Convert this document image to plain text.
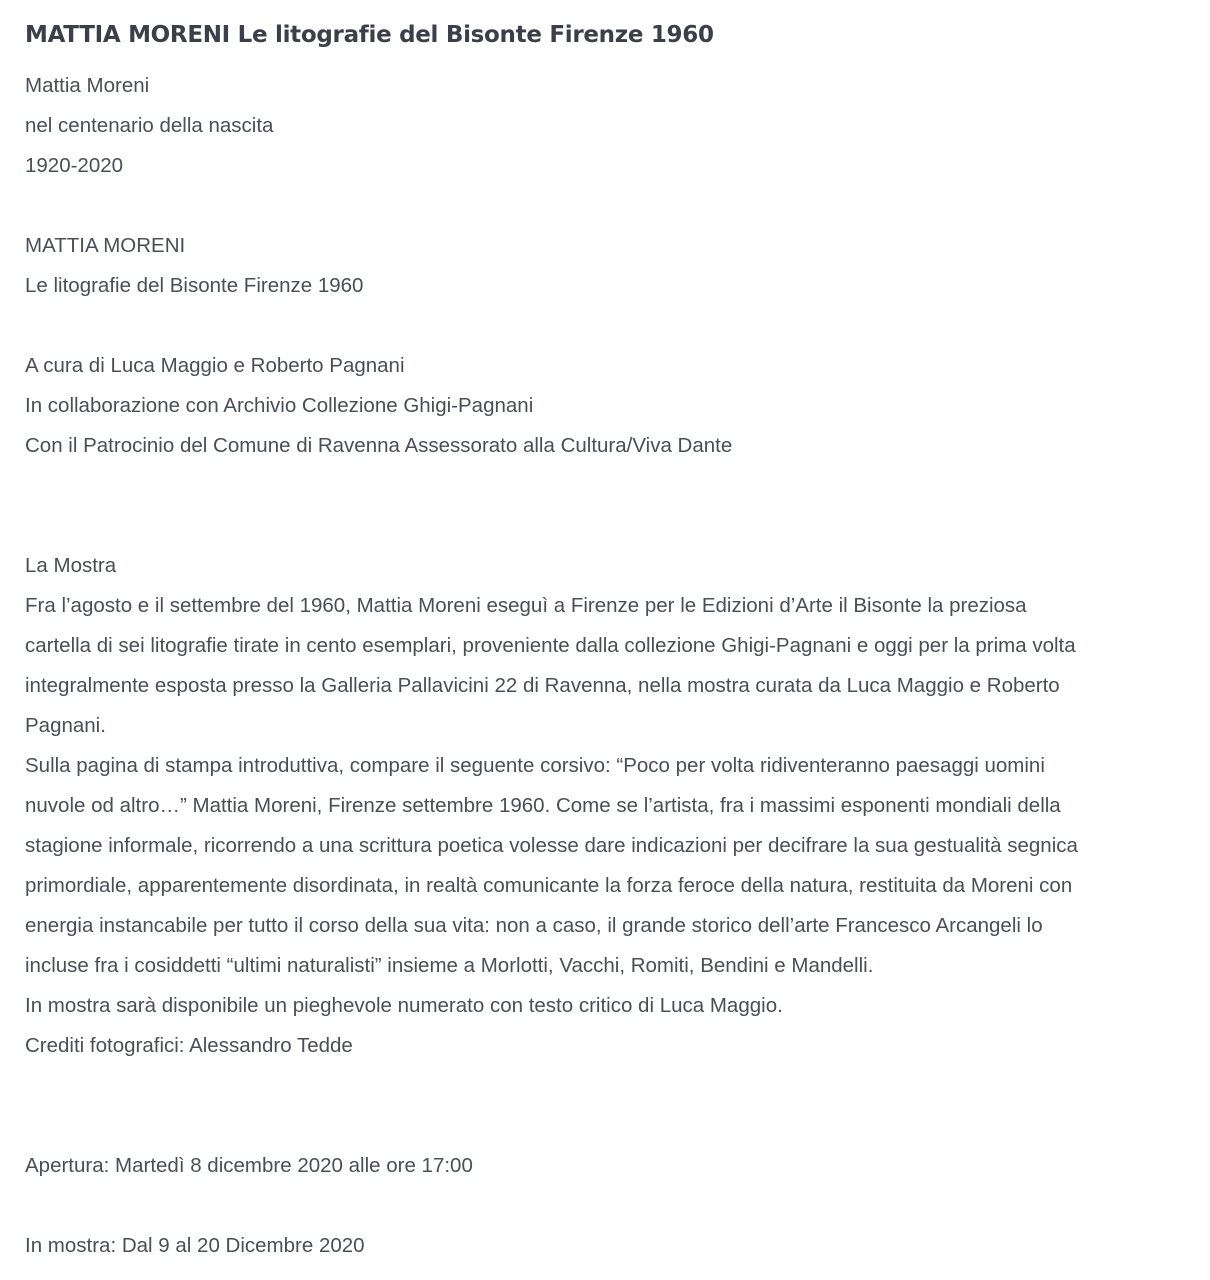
MATTIA MORENI Le litografie del Bisonte Firenze 1960
Mattia Moreni
nel centenario della nascita
1920-2020
MATTIA MORENI
Le litografie del Bisonte Firenze 1960
A cura di Luca Maggio e Roberto Pagnani
In collaborazione con Archivio Collezione Ghigi-Pagnani
Con il Patrocinio del Comune di Ravenna Assessorato alla Cultura/Viva Dante
La Mostra
Fra l’agosto e il settembre del 1960, Mattia Moreni eseguì a Firenze per le Edizioni d’Arte il Bisonte la preziosa
cartella di sei litografie tirate in cento esemplari, proveniente dalla collezione Ghigi-Pagnani e oggi per la prima volta
integralmente esposta presso la Galleria Pallavicini 22 di Ravenna, nella mostra curata da Luca Maggio e Roberto
Pagnani.
Sulla pagina di stampa introduttiva, compare il seguente corsivo: “Poco per volta ridiventeranno paesaggi uomini
nuvole od altro…” Mattia Moreni, Firenze settembre 1960. Come se l’artista, fra i massimi esponenti mondiali della
stagione informale, ricorrendo a una scrittura poetica volesse dare indicazioni per decifrare la sua gestualità segnica
primordiale, apparentemente disordinata, in realtà comunicante la forza feroce della natura, restituita da Moreni con
energia instancabile per tutto il corso della sua vita: non a caso, il grande storico dell’arte Francesco Arcangeli lo
incluse fra i cosiddetti “ultimi naturalisti” insieme a Morlotti, Vacchi, Romiti, Bendini e Mandelli.
In mostra sarà disponibile un pieghevole numerato con testo critico di Luca Maggio.
Crediti fotografici: Alessandro Tedde
Apertura: Martedì 8 dicembre 2020 alle ore 17:00
In mostra: Dal 9 al 20 Dicembre 2020
